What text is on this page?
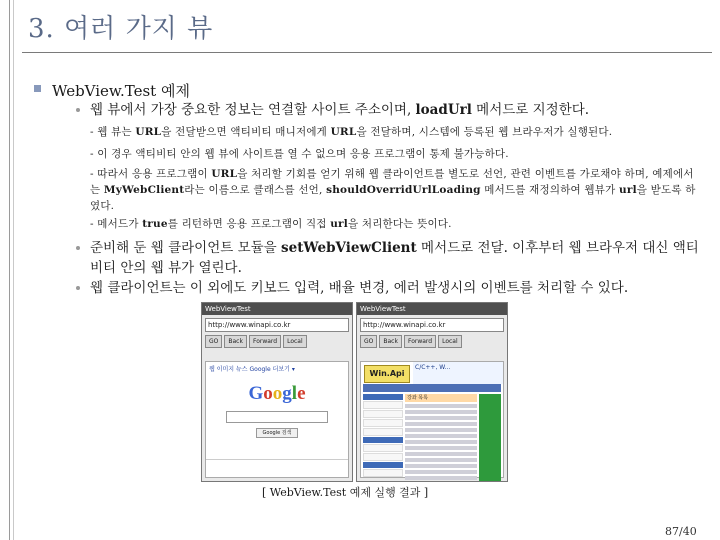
3. 여러 가지 뷰
WebView.Test 예제
웹 뷰에서 가장 중요한 정보는 연결할 사이트 주소이며, loadUrl 메서드로 지정한다.
- 웹 뷰는 URL을 전달받으면 액티비티 매니저에게 URL을 전달하며, 시스템에 등록된 웹 브라우저가 실행된다.
- 이 경우 액티비티 안의 웹 뷰에 사이트를 열 수 없으며 응용 프로그램이 통제 불가능하다.
- 따라서 응용 프로그램이 URL을 처리할 기회를 얻기 위해 웹 클라이언트를 별도로 선언, 관련 이벤트를 가로채야 하며, 예제에서는 MyWebClient라는 이름으로 클래스를 선언, shouldOverridUrlLoading 메서드를 재정의하여 웹뷰가 url을 받도록 하였다.
- 메서드가 true를 리턴하면 응용 프로그램이 직접 url을 처리한다는 뜻이다.
준비해 둔 웹 클라이언트 모듈을 setWebViewClient 메서드로 전달. 이후부터 웹 브라우저 대신 액티비티 안의 웹 뷰가 열린다.
웹 클라이언트는 이 외에도 키보드 입력, 배율 변경, 에러 발생시의 이벤트를 처리할 수 있다.
WebViewTest
http://www.winapi.co.kr
GO	Back	Forward	Local
웹 이미지 뉴스 Google 더보기 ▾
Google
Google 검색
WebViewTest
http://www.winapi.co.kr
GO	Back	Forward	Local
Win.Api
C/C++, W...
강좌 목록
[ WebView.Test 예제 실행 결과 ]
87/40
